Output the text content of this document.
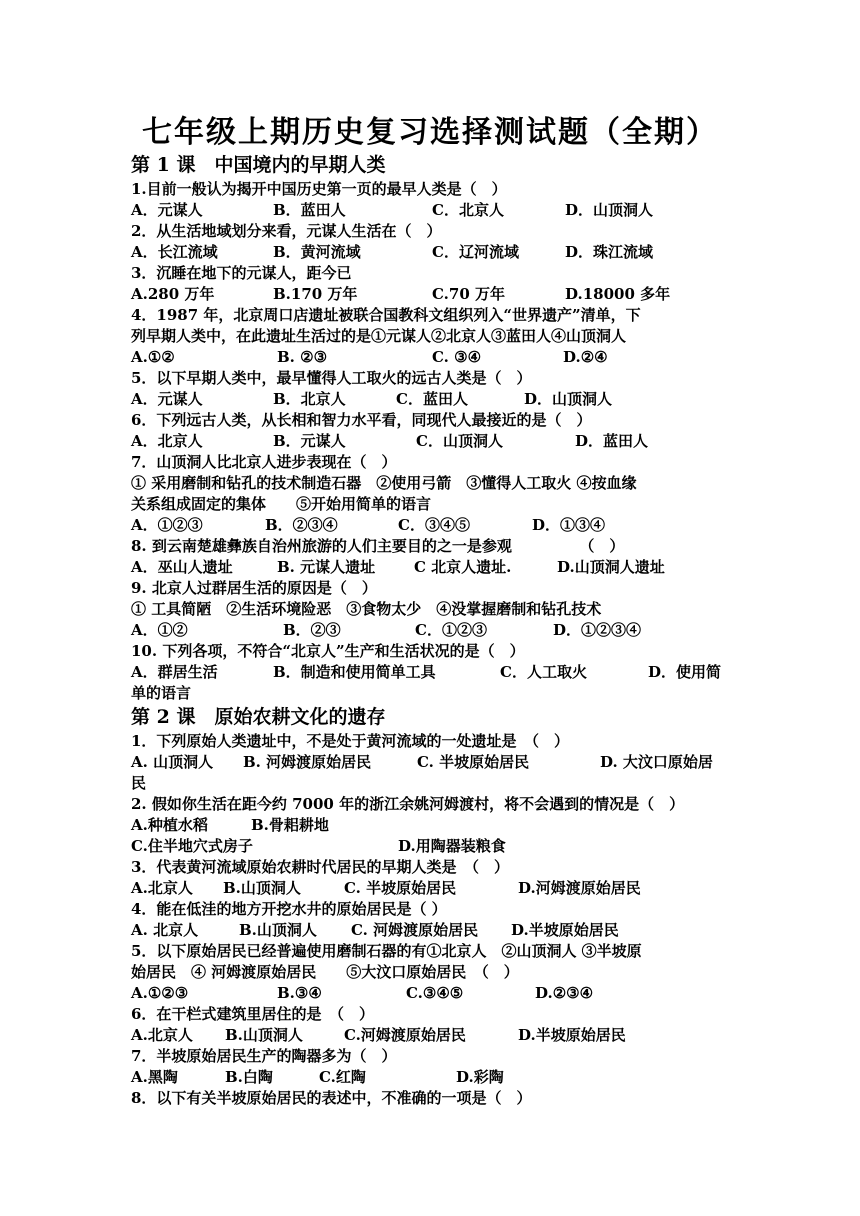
七年级上期历史复习选择测试题（全期）
第 1 课　中国境内的早期人类
1.目前一般认为揭开中国历史第一页的最早人类是（　）
A．元谋人	B．蓝田人	C．北京人	D．山顶洞人
2．从生活地域划分来看，元谋人生活在（　）
A．长江流域	B．黄河流域	C．辽河流域	D．珠江流域
3．沉睡在地下的元谋人，距今已
A.280 万年	B.170 万年	C.70 万年	D.18000 多年
4．1987 年，北京周口店遗址被联合国教科文组织列入“世界遗产”清单，下
列早期人类中，在此遗址生活过的是①元谋人②北京人③蓝田人④山顶洞人
A.①②	B. ②③	C. ③④	D.②④
5．以下早期人类中，最早懂得人工取火的远古人类是（　）
A．元谋人	B．北京人	C．蓝田人	D．山顶洞人
6．下列远古人类，从长相和智力水平看，同现代人最接近的是（　）
A．北京人	B．元谋人	C．山顶洞人	D．蓝田人
7．山顶洞人比北京人进步表现在（　）
① 采用磨制和钻孔的技术制造石器　②使用弓箭　③懂得人工取火 ④按血缘
关系组成固定的集体　　⑤开始用简单的语言
A．①②③	B．②③④	C．③④⑤	D．①③④
8. 到云南楚雄彝族自治州旅游的人们主要目的之一是参观　　　　　（　）
A．巫山人遗址	B. 元谋人遗址	C 北京人遗址.	D.山顶洞人遗址
9. 北京人过群居生活的原因是（　）
① 工具简陋　②生活环境险恶　③食物太少　④没掌握磨制和钻孔技术
A．①②	B．②③	C．①②③	D．①②③④
10. 下列各项，不符合“北京人”生产和生活状况的是（　）
A．群居生活	B．制造和使用简单工具	C．人工取火	D．使用简
单的语言
第 2 课　原始农耕文化的遗存
1．下列原始人类遗址中，不是处于黄河流域的一处遗址是　（　）
A. 山顶洞人 B. 河姆渡原始居民	C. 半坡原始居民	D. 大汶口原始居
民
2. 假如你生活在距今约 7000 年的浙江余姚河姆渡村，将不会遇到的情况是（　）
A.种植水稻	B.骨耜耕地
C.住半地穴式房子	D.用陶器装粮食
3．代表黄河流域原始农耕时代居民的早期人类是　（　）
A.北京人 B.山顶洞人	C. 半坡原始居民	D.河姆渡原始居民
4．能在低洼的地方开挖水井的原始居民是（ ）
A. 北京人	B.山顶洞人 C. 河姆渡原始居民 D.半坡原始居民
5．以下原始居民已经普遍使用磨制石器的有①北京人　②山顶洞人 ③半坡原
始居民　④ 河姆渡原始居民　　⑤大汶口原始居民　（　）
A.①②③	B.③④	C.③④⑤	D.②③④
6．在干栏式建筑里居住的是　（　）
A.北京人 B.山顶洞人	C.河姆渡原始居民	D.半坡原始居民
7．半坡原始居民生产的陶器多为（　）
A.黑陶	B.白陶	C.红陶	D.彩陶
8．以下有关半坡原始居民的表述中，不准确的一项是（　）
